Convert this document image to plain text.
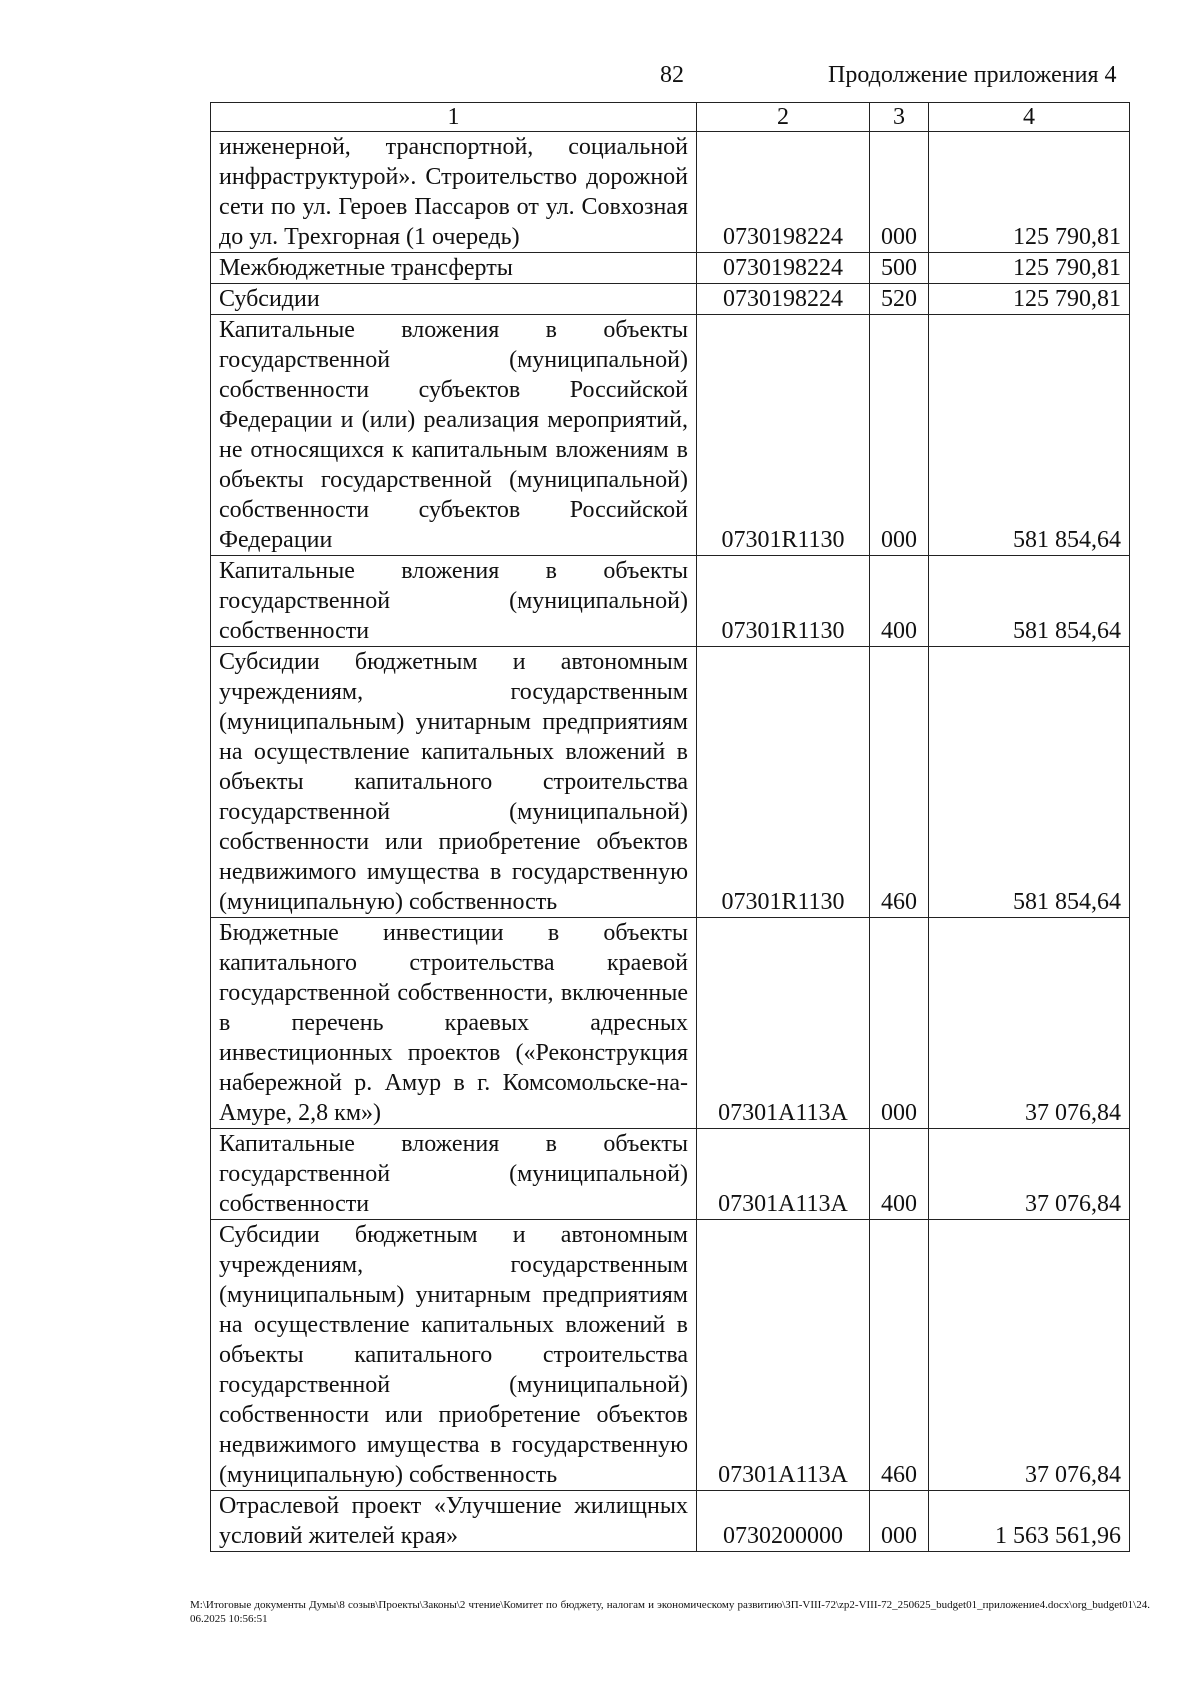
82	Продолжение приложения 4
1	2	3	4
инженерной, транспортной, социальной инфраструктурой». Строительство дорожной сети по ул. Героев Пассаров от ул. Совхозная до ул. Трехгорная (1 очередь)	0730198224	000	125 790,81
Межбюджетные трансферты	0730198224	500	125 790,81
Субсидии	0730198224	520	125 790,81
Капитальные вложения в объекты государственной (муниципальной) собственности субъектов Российской Федерации и (или) реализация мероприятий, не относящихся к капитальным вложениям в объекты государственной (муниципальной) собственности субъектов Российской Федерации	07301R1130	000	581 854,64
Капитальные вложения в объекты государственной (муниципальной) собственности	07301R1130	400	581 854,64
Субсидии бюджетным и автономным учреждениям, государственным (муниципальным) унитарным предприятиям на осуществление капитальных вложений в объекты капитального строительства государственной (муниципальной) собственности или приобретение объектов недвижимого имущества в государственную (муниципальную) собственность	07301R1130	460	581 854,64
Бюджетные инвестиции в объекты капитального строительства краевой государственной собственности, включенные в перечень краевых адресных инвестиционных проектов («Реконструкция набережной р. Амур в г. Комсомольске-на-Амуре, 2,8 км»)	07301A113A	000	37 076,84
Капитальные вложения в объекты государственной (муниципальной) собственности	07301A113A	400	37 076,84
Субсидии бюджетным и автономным учреждениям, государственным (муниципальным) унитарным предприятиям на осуществление капитальных вложений в объекты капитального строительства государственной (муниципальной) собственности или приобретение объектов недвижимого имущества в государственную (муниципальную) собственность	07301A113A	460	37 076,84
Отраслевой проект «Улучшение жилищных условий жителей края»	0730200000	000	1 563 561,96
M:\Итоговые документы Думы\8 созыв\Проекты\Законы\2 чтение\Комитет по бюджету, налогам и экономическому развитию\ЗП-VIII-72\zp2-VIII-72_250625_budget01_приложение4.docx\org_budget01\24.06.2025 10:56:51
